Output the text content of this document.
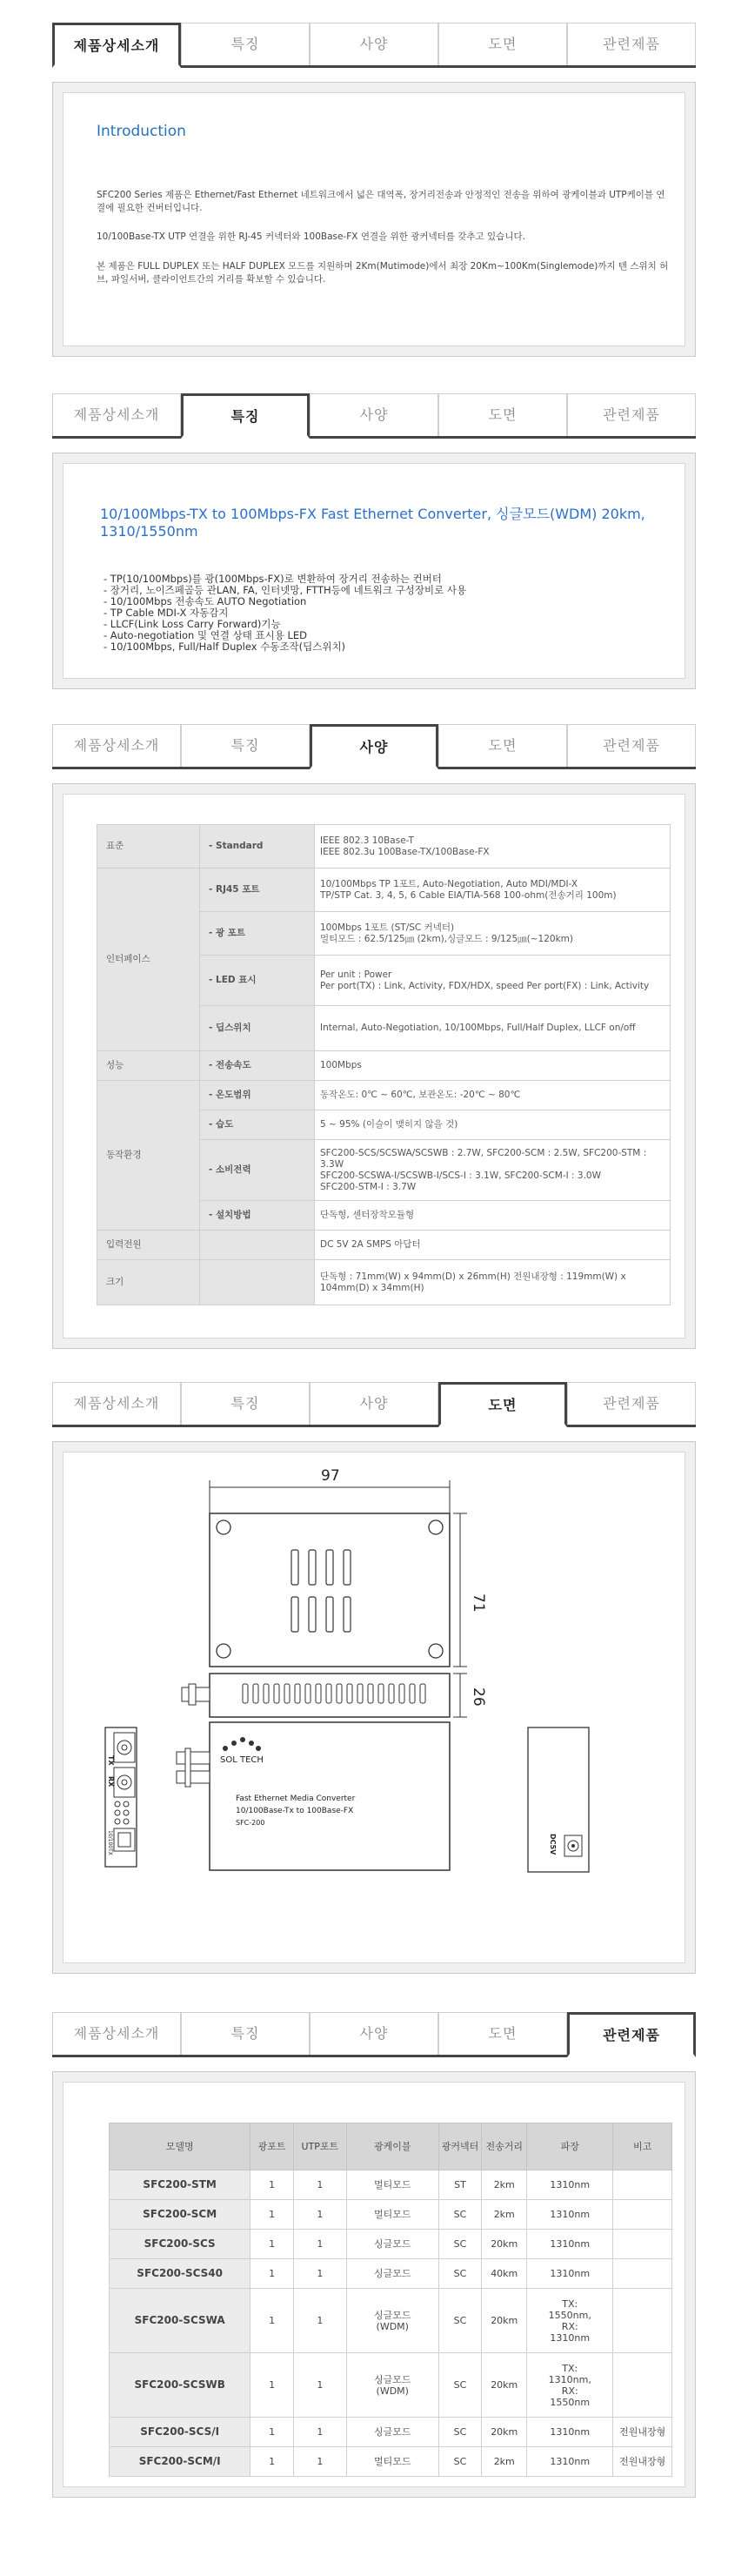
제품상세소개	특징	사양	도면	관련제품
Introduction
SFC200 Series 제품은 Ethernet/Fast Ethernet 네트워크에서 넓은 대역폭, 장거리전송과 안정적인 전송을 위하여 광케이블과 UTP케이블 연결에 필요한 컨버터입니다.
10/100Base-TX UTP 연결을 위한 RJ-45 커넥터와 100Base-FX 연결을 위한 광커넥터를 갖추고 있습니다.
본 제품은 FULL DUPLEX 또는 HALF DUPLEX 모드를 지원하며 2Km(Mutimode)에서 최장 20Km~100Km(Singlemode)까지 텐 스위치 허브, 파일서버, 클라이언트간의 거리를 확보할 수 있습니다.
제품상세소개	특징	사양	도면	관련제품
10/100Mbps-TX to 100Mbps-FX Fast Ethernet Converter, 싱글모드(WDM) 20km, 1310/1550nm
- TP(10/100Mbps)를 광(100Mbps-FX)로 변환하여 장거리 전송하는 컨버터
- 장거리, 노이즈페골등 관LAN, FA, 인터넷망, FTTH등에 네트워크 구성장비로 사용
- 10/100Mbps 전송속도 AUTO Negotiation
- TP Cable MDI-X 자동감지
- LLCF(Link Loss Carry Forward)기능
- Auto-negotiation 및 연결 상태 표시용 LED
- 10/100Mbps, Full/Half Duplex 수동조작(딥스위치)
제품상세소개	특징	사양	도면	관련제품
표준	- Standard	IEEE 802.3 10Base-T
IEEE 802.3u 100Base-TX/100Base-FX
인터페이스	- RJ45 포트	10/100Mbps TP 1포트, Auto-Negotiation, Auto MDI/MDI-X
TP/STP Cat. 3, 4, 5, 6 Cable EIA/TIA-568 100-ohm(전송거리 100m)
	- 광 포트	100Mbps 1포트 (ST/SC 커넥터)
멀티모드 : 62.5/125㎛ (2km),싱글모드 : 9/125㎛(~120km)
	- LED 표시	Per unit : Power
Per port(TX) : Link, Activity, FDX/HDX, speed Per port(FX) : Link, Activity
	- 딥스위치	Internal, Auto-Negotiation, 10/100Mbps, Full/Half Duplex, LLCF on/off
성능	- 전송속도	100Mbps
동작환경	- 온도범위	동작온도: 0℃ ~ 60℃, 보관온도: -20℃ ~ 80℃
	- 습도	5 ~ 95% (이슬이 맺히지 않을 것)
	- 소비전력	SFC200-SCS/SCSWA/SCSWB : 2.7W, SFC200-SCM : 2.5W, SFC200-STM : 3.3W
SFC200-SCSWA-I/SCSWB-I/SCS-I : 3.1W, SFC200-SCM-I : 3.0W
SFC200-STM-I : 3.7W
	- 설치방법	단독형, 센터장착모듈형
입력전원		DC 5V 2A SMPS 아답터
크기		단독형 : 71mm(W) x 94mm(D) x 26mm(H) 전원내장형 : 119mm(W) x 104mm(D) x 34mm(H)
제품상세소개	특징	사양	도면	관련제품
97
71
26
SOL TECH
Fast Ethernet Media Converter
10/100Base-Tx to 100Base-FX
SFC-200
TX
RX
10/100TX	DC5V
제품상세소개	특징	사양	도면	관련제품
모델명	광포트	UTP포트	광케이블	광커넥터	전송거리	파장	비고
SFC200-STM	1	1	멀티모드	ST	2km	1310nm	
SFC200-SCM	1	1	멀티모드	SC	2km	1310nm	
SFC200-SCS	1	1	싱글모드	SC	20km	1310nm	
SFC200-SCS40	1	1	싱글모드	SC	40km	1310nm	
SFC200-SCSWA	1	1	싱글모드
(WDM)	SC	20km	TX:
1550nm,
RX:
1310nm	
SFC200-SCSWB	1	1	싱글모드
(WDM)	SC	20km	TX:
1310nm,
RX:
1550nm	
SFC200-SCS/I	1	1	싱글모드	SC	20km	1310nm	전원내장형
SFC200-SCM/I	1	1	멀티모드	SC	2km	1310nm	전원내장형
